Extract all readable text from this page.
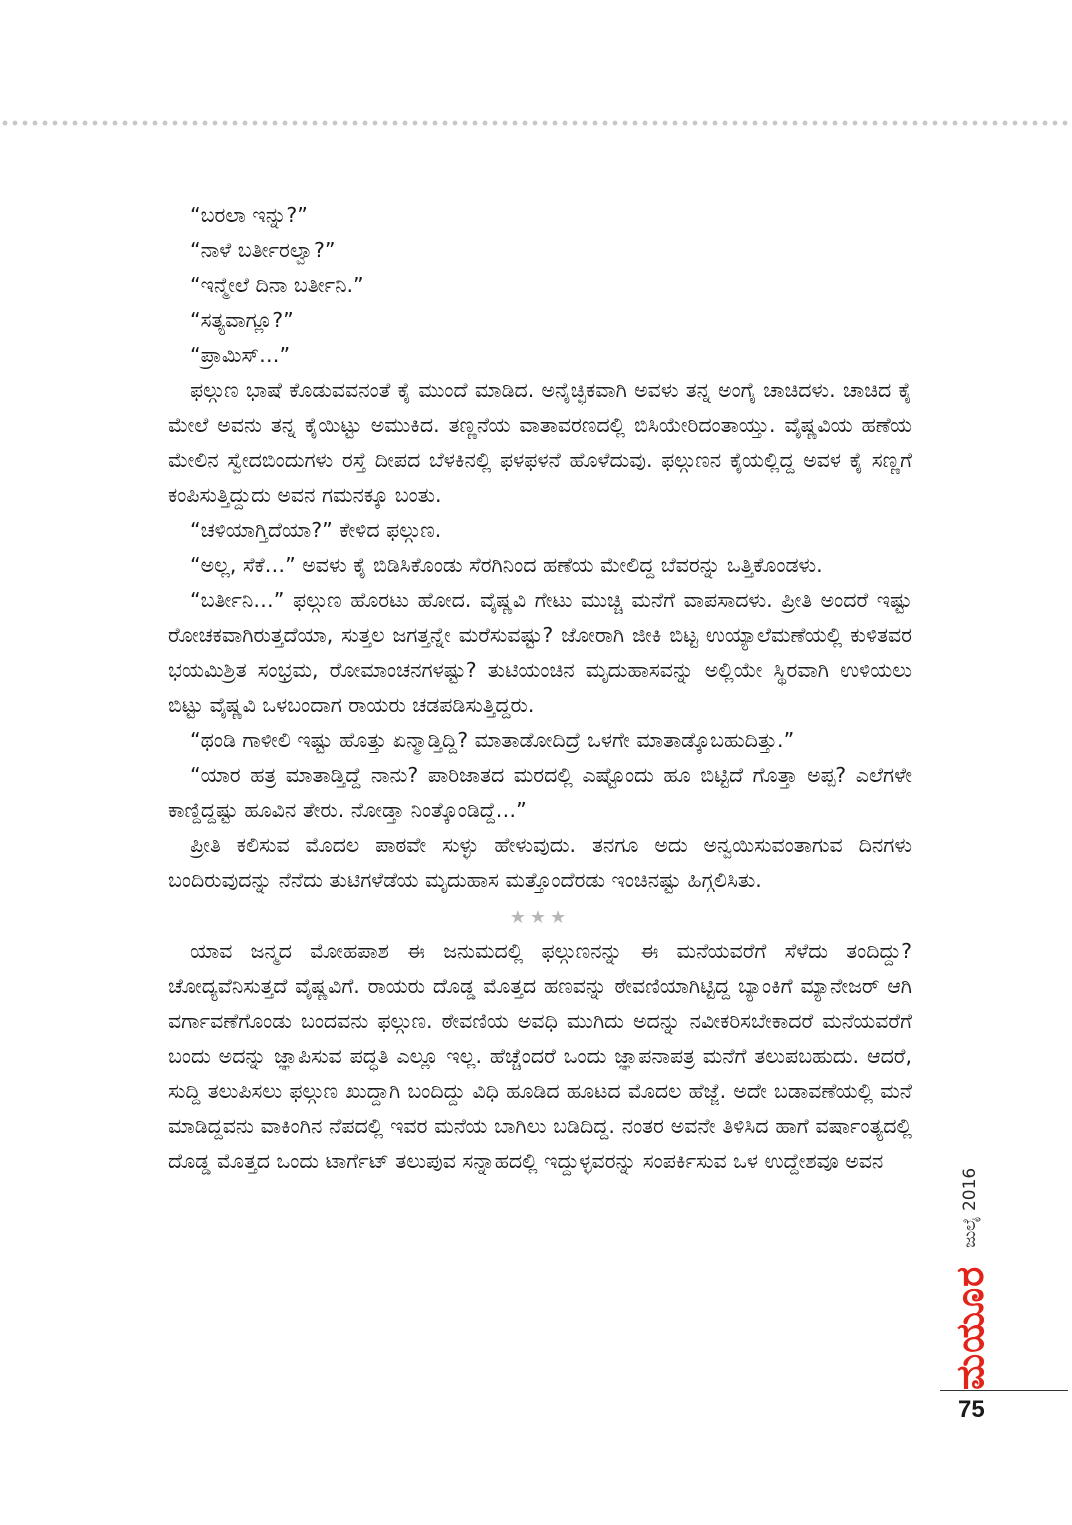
“ಬರಲಾ ಇನ್ನು?”

“ನಾಳೆ ಬರ್ತೀರಲ್ವಾ?”

“ಇನ್ಮೇಲೆ ದಿನಾ ಬರ್ತೀನಿ.”

“ಸತ್ಯವಾಗ್ಲೂ?”

“ಪ್ರಾಮಿಸ್…”

ಫಲ್ಗುಣ ಭಾಷೆ ಕೊಡುವವನಂತೆ ಕೈ ಮುಂದೆ ಮಾಡಿದ. ಅನೈಚ್ಛಿಕವಾಗಿ ಅವಳು ತನ್ನ ಅಂಗೈ ಚಾಚಿದಳು. ಚಾಚಿದ ಕೈ ಮೇಲೆ ಅವನು ತನ್ನ ಕೈಯಿಟ್ಟು ಅಮುಕಿದ. ತಣ್ಣನೆಯ ವಾತಾವರಣದಲ್ಲಿ ಬಿಸಿಯೇರಿದಂತಾಯ್ತು. ವೈಷ್ಣವಿಯ ಹಣೆಯ ಮೇಲಿನ ಸ್ವೇದಬಿಂದುಗಳು ರಸ್ತೆ ದೀಪದ ಬೆಳಕಿನಲ್ಲಿ ಫಳಫಳನೆ ಹೊಳೆದುವು. ಫಲ್ಗುಣನ ಕೈಯಲ್ಲಿದ್ದ ಅವಳ ಕೈ ಸಣ್ಣಗೆ ಕಂಪಿಸುತ್ತಿದ್ದುದು ಅವನ ಗಮನಕ್ಕೂ ಬಂತು.

“ಚಳಿಯಾಗ್ತಿದೆಯಾ?” ಕೇಳಿದ ಫಲ್ಗುಣ.

“ಅಲ್ಲ, ಸೆಕೆ…” ಅವಳು ಕೈ ಬಿಡಿಸಿಕೊಂಡು ಸೆರಗಿನಿಂದ ಹಣೆಯ ಮೇಲಿದ್ದ ಬೆವರನ್ನು ಒತ್ತಿಕೊಂಡಳು.

“ಬರ್ತೀನಿ…” ಫಲ್ಗುಣ ಹೊರಟು ಹೋದ. ವೈಷ್ಣವಿ ಗೇಟು ಮುಚ್ಚಿ ಮನೆಗೆ ವಾಪಸಾದಳು. ಪ್ರೀತಿ ಅಂದರೆ ಇಷ್ಟು ರೋಚಕವಾಗಿರುತ್ತದೆಯಾ, ಸುತ್ತಲ ಜಗತ್ತನ್ನೇ ಮರೆಸುವಷ್ಟು? ಜೋರಾಗಿ ಜೀಕಿ ಬಿಟ್ಟ ಉಯ್ಯಾಲೆಮಣೆಯಲ್ಲಿ ಕುಳಿತವರ ಭಯಮಿಶ್ರಿತ ಸಂಭ್ರಮ, ರೋಮಾಂಚನಗಳಷ್ಟು? ತುಟಿಯಂಚಿನ ಮೃದುಹಾಸವನ್ನು ಅಲ್ಲಿಯೇ ಸ್ಥಿರವಾಗಿ ಉಳಿಯಲು ಬಿಟ್ಟು ವೈಷ್ಣವಿ ಒಳಬಂದಾಗ ರಾಯರು ಚಡಪಡಿಸುತ್ತಿದ್ದರು.

“ಥಂಡಿ ಗಾಳೀಲಿ ಇಷ್ಟು ಹೊತ್ತು ಏನ್ಮಾಡ್ತಿದ್ದಿ? ಮಾತಾಡೋದಿದ್ರೆ ಒಳಗೇ ಮಾತಾಡ್ಕೊಬಹುದಿತ್ತು.”

“ಯಾರ ಹತ್ರ ಮಾತಾಡ್ತಿದ್ದೆ ನಾನು? ಪಾರಿಜಾತದ ಮರದಲ್ಲಿ ಎಷ್ಟೊಂದು ಹೂ ಬಿಟ್ಟಿದೆ ಗೊತ್ತಾ ಅಪ್ಪ? ಎಲೆಗಳೇ ಕಾಣ್ದಿದ್ದಷ್ಟು ಹೂವಿನ ತೇರು. ನೋಡ್ತಾ ನಿಂತ್ಕೊಂಡಿದ್ದೆ…”

ಪ್ರೀತಿ ಕಲಿಸುವ ಮೊದಲ ಪಾಠವೇ ಸುಳ್ಳು ಹೇಳುವುದು. ತನಗೂ ಅದು ಅನ್ವಯಿಸುವಂತಾಗುವ ದಿನಗಳು ಬಂದಿರುವುದನ್ನು ನೆನೆದು ತುಟಿಗಳೆಡೆಯ ಮೃದುಹಾಸ ಮತ್ತೊಂದೆರಡು ಇಂಚಿನಷ್ಟು ಹಿಗ್ಗಲಿಸಿತು.

★★★

ಯಾವ ಜನ್ಮದ ಮೋಹಪಾಶ ಈ ಜನುಮದಲ್ಲಿ ಫಲ್ಗುಣನನ್ನು ಈ ಮನೆಯವರೆಗೆ ಸೆಳೆದು ತಂದಿದ್ದು? ಚೋದ್ಯವೆನಿಸುತ್ತದೆ ವೈಷ್ಣವಿಗೆ. ರಾಯರು ದೊಡ್ಡ ಮೊತ್ತದ ಹಣವನ್ನು ಠೇವಣಿಯಾಗಿಟ್ಟಿದ್ದ ಬ್ಯಾಂಕಿಗೆ ಮ್ಯಾನೇಜರ್ ಆಗಿ ವರ್ಗಾವಣೆಗೊಂಡು ಬಂದವನು ಫಲ್ಗುಣ. ಠೇವಣಿಯ ಅವಧಿ ಮುಗಿದು ಅದನ್ನು ನವೀಕರಿಸಬೇಕಾದರೆ ಮನೆಯವರೆಗೆ ಬಂದು ಅದನ್ನು ಜ್ಞಾಪಿಸುವ ಪದ್ಧತಿ ಎಲ್ಲೂ ಇಲ್ಲ. ಹೆಚ್ಚೆಂದರೆ ಒಂದು ಜ್ಞಾಪನಾಪತ್ರ ಮನೆಗೆ ತಲುಪಬಹುದು. ಆದರೆ, ಸುದ್ದಿ ತಲುಪಿಸಲು ಫಲ್ಗುಣ ಖುದ್ದಾಗಿ ಬಂದಿದ್ದು ವಿಧಿ ಹೂಡಿದ ಹೂಟದ ಮೊದಲ ಹೆಜ್ಜೆ. ಅದೇ ಬಡಾವಣೆಯಲ್ಲಿ ಮನೆ ಮಾಡಿದ್ದವನು ವಾಕಿಂಗಿನ ನೆಪದಲ್ಲಿ ಇವರ ಮನೆಯ ಬಾಗಿಲು ಬಡಿದಿದ್ದ. ನಂತರ ಅವನೇ ತಿಳಿಸಿದ ಹಾಗೆ ವರ್ಷಾಂತ್ಯದಲ್ಲಿ ದೊಡ್ಡ ಮೊತ್ತದ ಒಂದು ಟಾರ್ಗೆಟ್ ತಲುಪುವ ಸನ್ನಾಹದಲ್ಲಿ ಇದ್ದುಳ್ಳವರನ್ನು ಸಂಪರ್ಕಿಸುವ ಒಳ ಉದ್ದೇಶವೂ ಅವನ

ಮಯೂರ
ಜುಲೈ 2016
75
